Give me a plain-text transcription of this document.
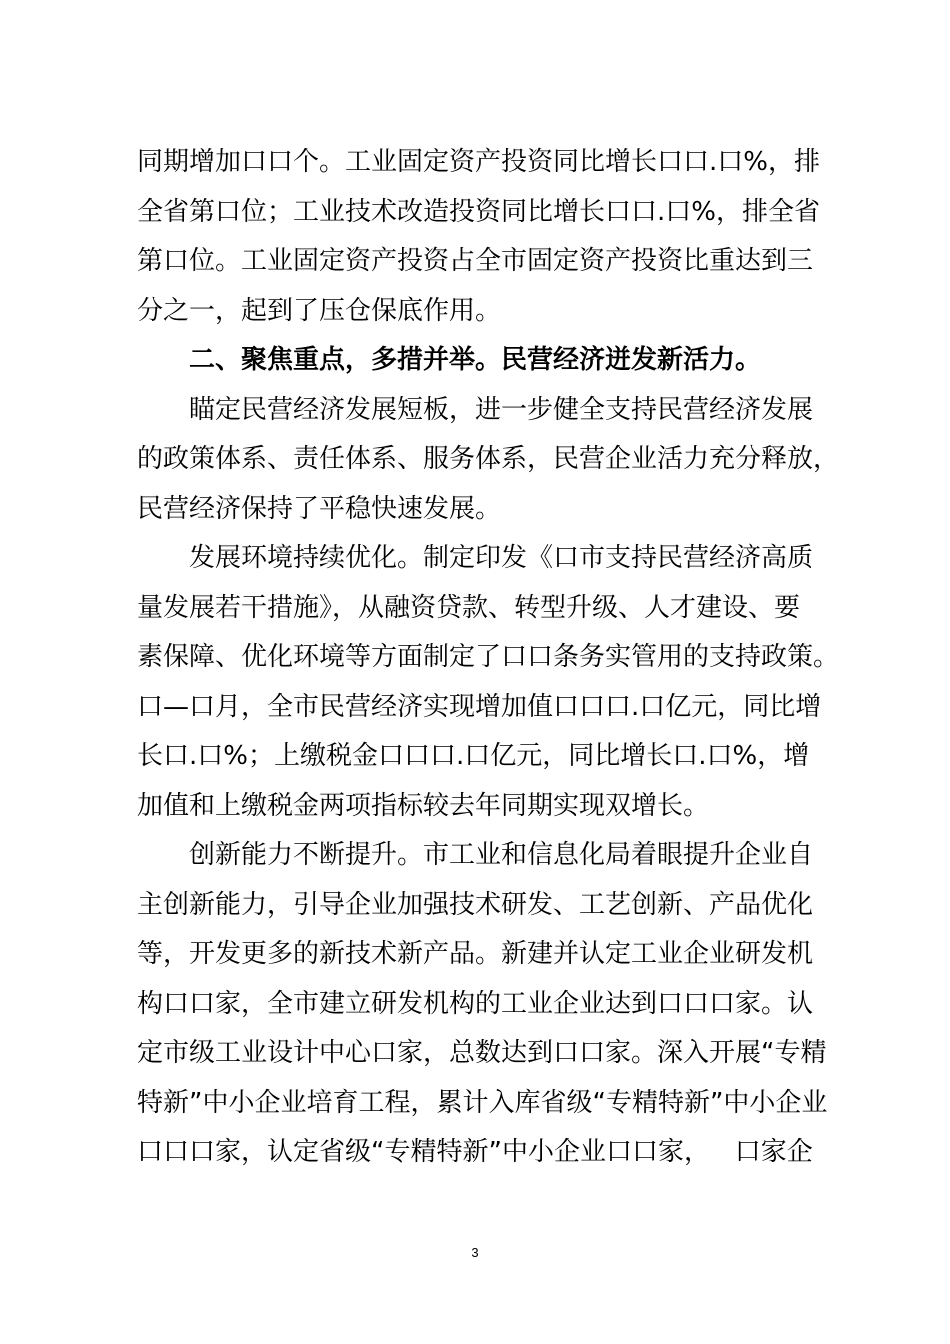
同期增加口口个。工业固定资产投资同比增长口口.口%，排
全省第口位；工业技术改造投资同比增长口口.口%，排全省
第口位。工业固定资产投资占全市固定资产投资比重达到三
分之一，起到了压仓保底作用。
二、聚焦重点，多措并举。民营经济迸发新活力。
瞄定民营经济发展短板，进一步健全支持民营经济发展
的政策体系、责任体系、服务体系，民营企业活力充分释放，
民营经济保持了平稳快速发展。
发展环境持续优化。制定印发《口市支持民营经济高质
量发展若干措施》，从融资贷款、转型升级、人才建设、要
素保障、优化环境等方面制定了口口条务实管用的支持政策。
口—口月，全市民营经济实现增加值口口口.口亿元，同比增
长口.口%；上缴税金口口口.口亿元，同比增长口.口%，增
加值和上缴税金两项指标较去年同期实现双增长。
创新能力不断提升。市工业和信息化局着眼提升企业自
主创新能力，引导企业加强技术研发、工艺创新、产品优化
等，开发更多的新技术新产品。新建并认定工业企业研发机
构口口家，全市建立研发机构的工业企业达到口口口家。认
定市级工业设计中心口家，总数达到口口家。深入开展“专精
特新”中小企业培育工程，累计入库省级“专精特新”中小企业
口口口家，认定省级“专精特新”中小企业口口家，   口家企
3
